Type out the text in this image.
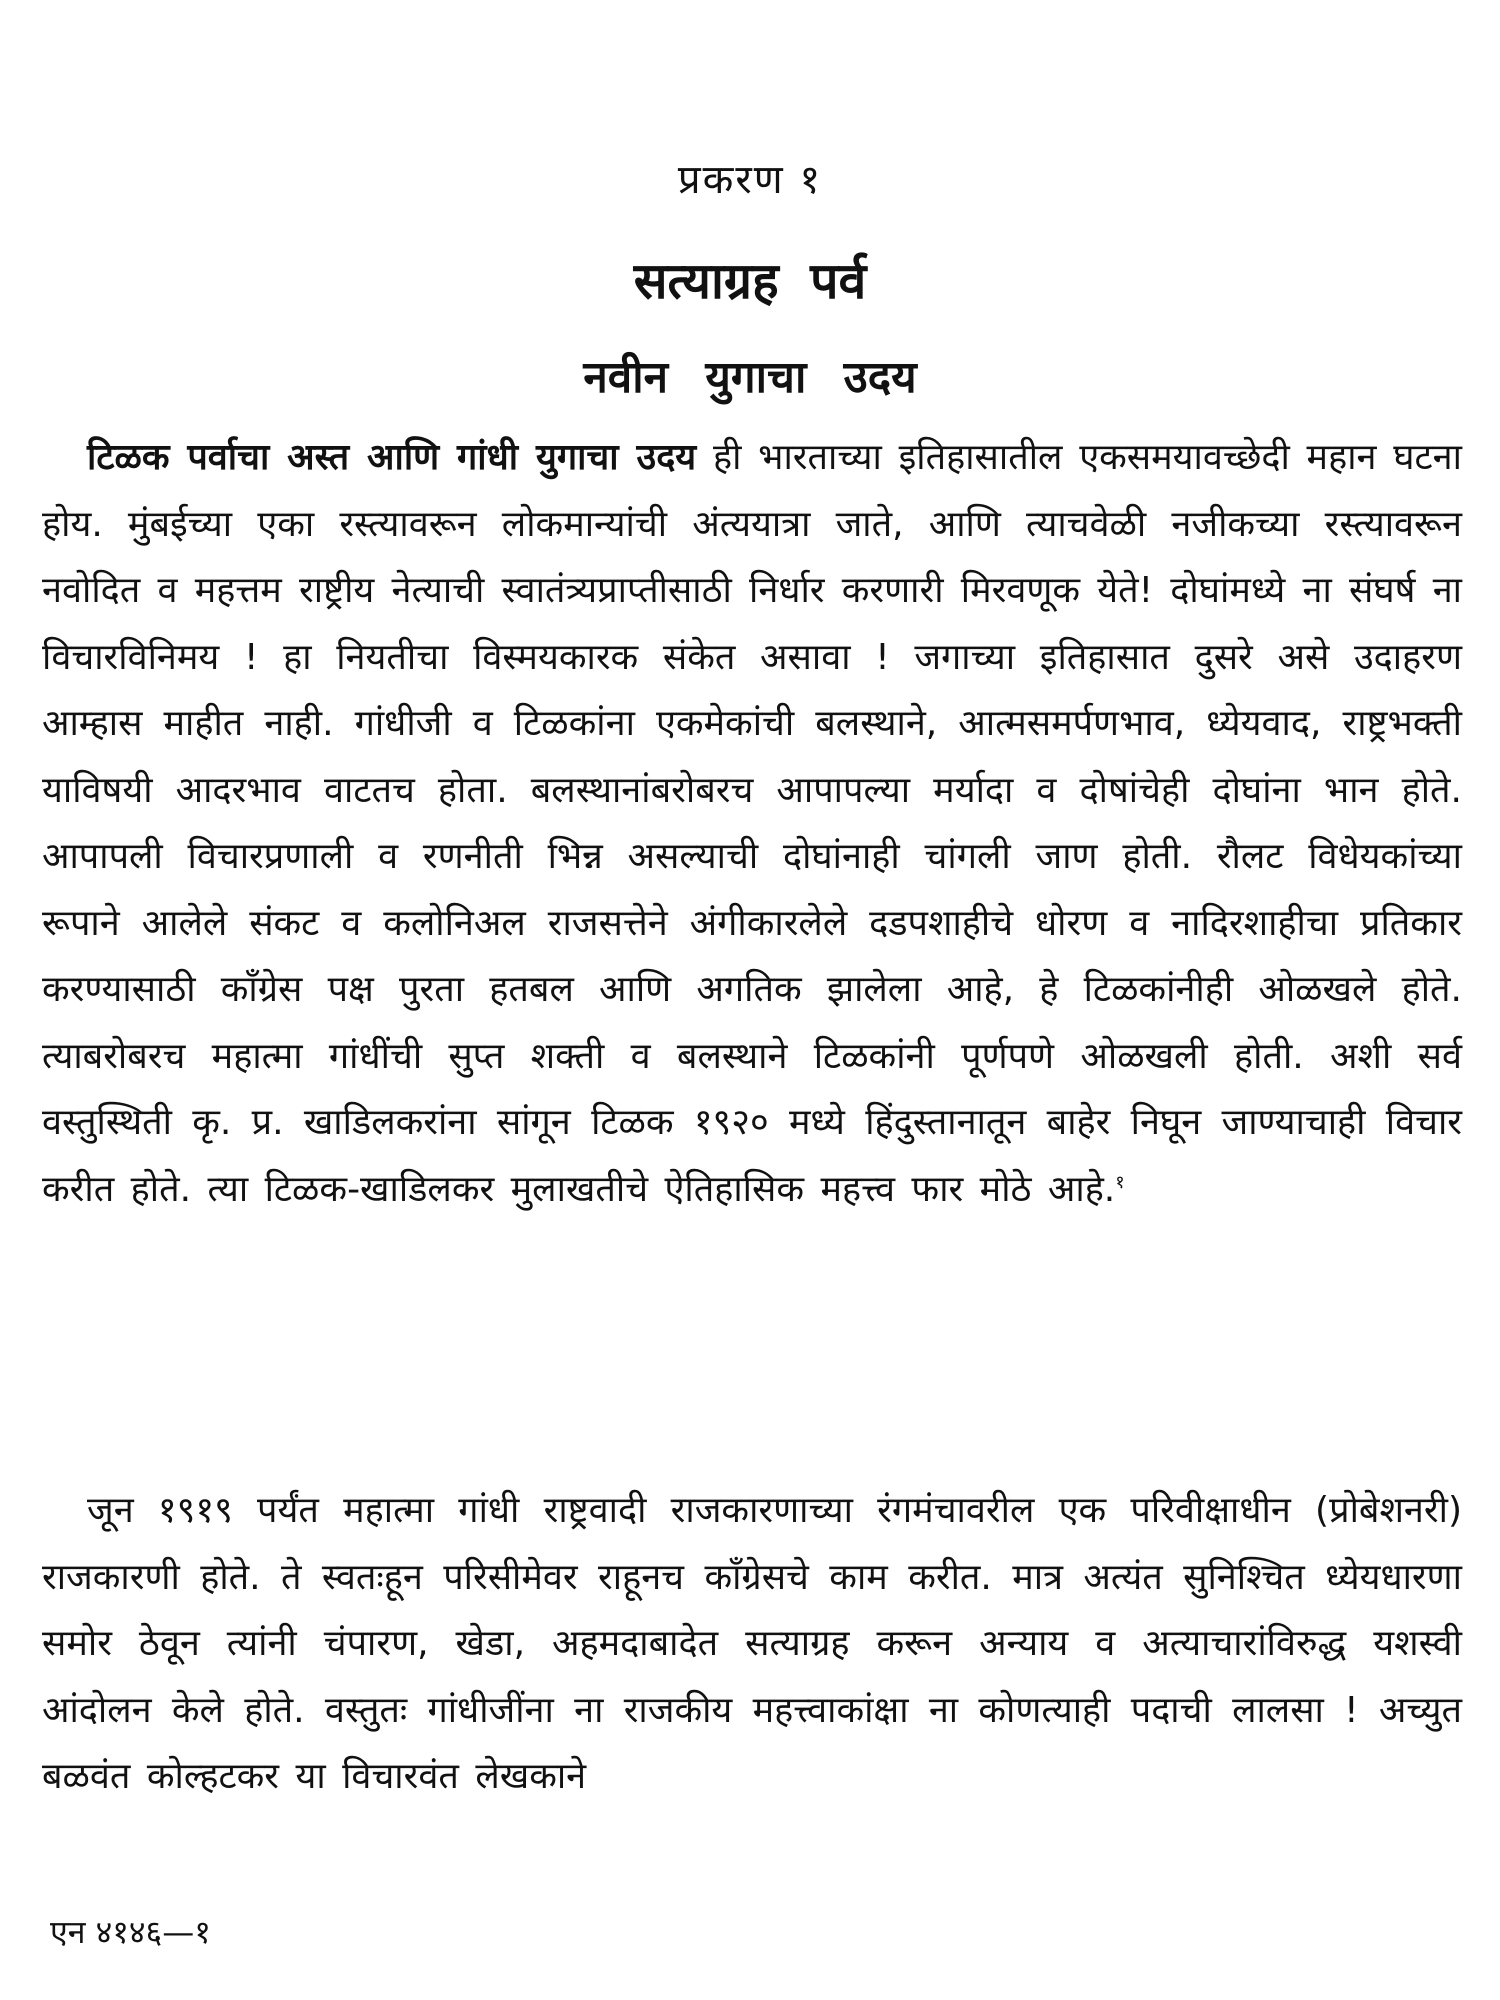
प्रकरण १
सत्याग्रह पर्व
नवीन युगाचा उदय

टिळक पर्वाचा अस्त आणि गांधी युगाचा उदय ही भारताच्या इतिहासातील एकसमयावच्छेदी महान घटना होय. मुंबईच्या एका रस्त्यावरून लोकमान्यांची अंत्ययात्रा जाते, आणि त्याचवेळी नजीकच्या रस्त्यावरून नवोदित व महत्तम राष्ट्रीय नेत्याची स्वातंत्र्यप्राप्तीसाठी निर्धार करणारी मिरवणूक येते! दोघांमध्ये ना संघर्ष ना विचारविनिमय ! हा नियतीचा विस्मयकारक संकेत असावा ! जगाच्या इतिहासात दुसरे असे उदाहरण आम्हास माहीत नाही. गांधीजी व टिळकांना एकमेकांची बलस्थाने, आत्मसमर्पणभाव, ध्येयवाद, राष्ट्रभक्ती याविषयी आदरभाव वाटतच होता. बलस्थानांबरोबरच आपापल्या मर्यादा व दोषांचेही दोघांना भान होते. आपापली विचारप्रणाली व रणनीती भिन्न असल्याची दोघांनाही चांगली जाण होती. रौलट विधेयकांच्या रूपाने आलेले संकट व कलोनिअल राजसत्तेने अंगीकारलेले दडपशाहीचे धोरण व नादिरशाहीचा प्रतिकार करण्यासाठी काँग्रेस पक्ष पुरता हतबल आणि अगतिक झालेला आहे, हे टिळकांनीही ओळखले होते. त्याबरोबरच महात्मा गांधींची सुप्त शक्ती व बलस्थाने टिळकांनी पूर्णपणे ओळखली होती. अशी सर्व वस्तुस्थिती कृ. प्र. खाडिलकरांना सांगून टिळक १९२० मध्ये हिंदुस्तानातून बाहेर निघून जाण्याचाही विचार करीत होते. त्या टिळक-खाडिलकर मुलाखतीचे ऐतिहासिक महत्त्व फार मोठे आहे.$^१$

जून १९१९ पर्यंत महात्मा गांधी राष्ट्रवादी राजकारणाच्या रंगमंचावरील एक परिवीक्षाधीन (प्रोबेशनरी) राजकारणी होते. ते स्वतःहून परिसीमेवर राहूनच काँग्रेसचे काम करीत. मात्र अत्यंत सुनिश्चित ध्येयधारणा समोर ठेवून त्यांनी चंपारण, खेडा, अहमदाबादेत सत्याग्रह करून अन्याय व अत्याचारांविरुद्ध यशस्वी आंदोलन केले होते. वस्तुतः गांधीजींना ना राजकीय महत्त्वाकांक्षा ना कोणत्याही पदाची लालसा ! अच्युत बळवंत कोल्हटकर या विचारवंत लेखकाने

एन ४१४६—१
